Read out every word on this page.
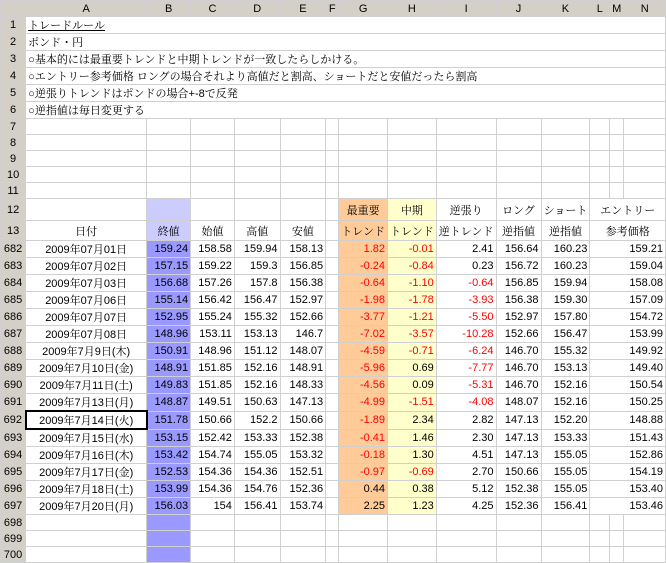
	A	B	C	D	E	F	G	H	I	J	K	L	M	N
1	トレードルール													
2	ポンド・円													
3	○基本的には最重要トレンドと中期トレンドが一致したらしかける。													
4	○エントリー参考価格 ロングの場合それより高値だと割高、ショートだと安値だったら割高													
5	○逆張りトレンドはポンドの場合+-8で反発													
6	○逆指値は毎日変更する													
7														
8														
9														
10														
11														
12							最重要	中期	逆張り	ロング	ショート	エントリー		
13	日付	終値	始値	高値	安値		トレンド	トレンド	逆トレンド	逆指値	逆指値	参考価格		
682	2009年07月01日	159.24	158.58	159.94	158.13		1.82	-0.01	2.41	156.64	160.23	159.21		
683	2009年07月02日	157.15	159.22	159.3	156.85		-0.24	-0.84	0.23	156.72	160.23	159.04		
684	2009年07月03日	156.68	157.26	157.8	156.38		-0.64	-1.10	-0.64	156.85	159.94	158.08		
685	2009年07月06日	155.14	156.42	156.47	152.97		-1.98	-1.78	-3.93	156.38	159.30	157.09		
686	2009年07月07日	152.95	155.24	155.32	152.66		-3.77	-1.21	-5.50	152.97	157.80	154.72		
687	2009年07月08日	148.96	153.11	153.13	146.7		-7.02	-3.57	-10.28	152.66	156.47	153.99		
688	2009年7月9日(木)	150.91	148.96	151.12	148.07		-4.59	-0.71	-6.24	146.70	155.32	149.92		
689	2009年7月10日(金)	148.91	151.85	152.16	148.91		-5.96	0.69	-7.77	146.70	153.13	149.40		
690	2009年7月11日(土)	149.83	151.85	152.16	148.33		-4.56	0.09	-5.31	146.70	152.16	150.54		
691	2009年7月13日(月)	148.87	149.51	150.63	147.13		-4.99	-1.51	-4.08	148.07	152.16	150.25		
692	2009年7月14日(火)	151.78	150.66	152.2	150.66		-1.89	2.34	2.82	147.13	152.20	148.88		
693	2009年7月15日(水)	153.15	152.42	153.33	152.38		-0.41	1.46	2.30	147.13	153.33	151.43		
694	2009年7月16日(木)	153.42	154.74	155.05	153.32		-0.18	1.30	4.51	147.13	155.05	152.86		
695	2009年7月17日(金)	152.53	154.36	154.36	152.51		-0.97	-0.69	2.70	150.66	155.05	154.19		
696	2009年7月18日(土)	153.99	154.36	154.76	152.36		0.44	0.38	5.12	152.38	155.05	153.40		
697	2009年7月20日(月)	156.03	154	156.41	153.74		2.25	1.23	4.25	152.36	156.41	153.46		
698														
699														
700														
